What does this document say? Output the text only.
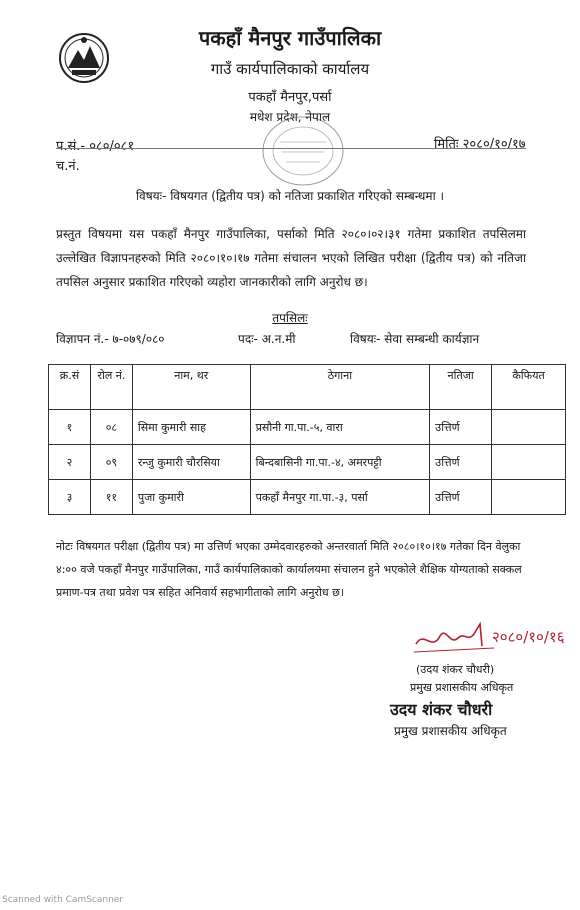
पकहाँ मैनपुर गाउँपालिका
गाउँ कार्यपालिकाको कार्यालय
पकहाँ मैनपुर,पर्सा
मधेश प्रदेश, नेपाल
प.सं.- ०८०/०८१
च.नं.
मितिः २०८०/१०/१७
विषयः- विषयगत (द्वितीय पत्र) को नतिजा प्रकाशित गरिएको सम्बन्धमा ।
प्रस्तुत विषयमा यस पकहाँ मैनपुर गाउँपालिका, पर्साको मिति २०८०।०२।३१ गतेमा प्रकाशित तपसिलमा उल्लेखित विज्ञापनहरुको मिति २०८०।१०।१७ गतेमा संचालन भएको लिखित परीक्षा (द्वितीय पत्र) को नतिजा तपसिल अनुसार प्रकाशित गरिएको व्यहोरा जानकारीको लागि अनुरोध छ।
तपसिलः
विज्ञापन नं.- ७-०७९/०८०	पदः- अ.न.मी	विषयः- सेवा सम्बन्धी कार्यज्ञान
क्र.सं	रोल नं.	नाम, थर	ठेगाना	नतिजा	कैफियत
१	०८	सिमा कुमारी साह	प्रसौनी गा.पा.-५, वारा	उत्तिर्ण	
२	०९	रन्जु कुमारी चौरसिया	बिन्दबासिनी गा.पा.-४, अमरपट्टी	उत्तिर्ण	
३	११	पुजा कुमारी	पकहाँ मैनपुर गा.पा.-३, पर्सा	उत्तिर्ण	
नोटः विषयगत परीक्षा (द्वितीय पत्र) मा उत्तिर्ण भएका उम्मेदवारहरुको अन्तरवार्ता मिति २०८०।१०।१७ गतेका दिन वेलुका ४:०० वजे पकहाँ मैनपुर गाउँपालिका, गाउँ कार्यपालिकाको कार्यालयमा संचालन हुने भएकोले शैक्षिक योग्यताको सक्कल प्रमाण-पत्र तथा प्रवेश पत्र सहित अनिवार्य सहभागीताको लागि अनुरोध छ।
२०८०/१०/१६
(उदय शंकर चौधरी)
प्रमुख प्रशासकीय अधिकृत
उदय शंकर चौधरी
प्रमुख प्रशासकीय अधिकृत
Scanned with CamScanner
